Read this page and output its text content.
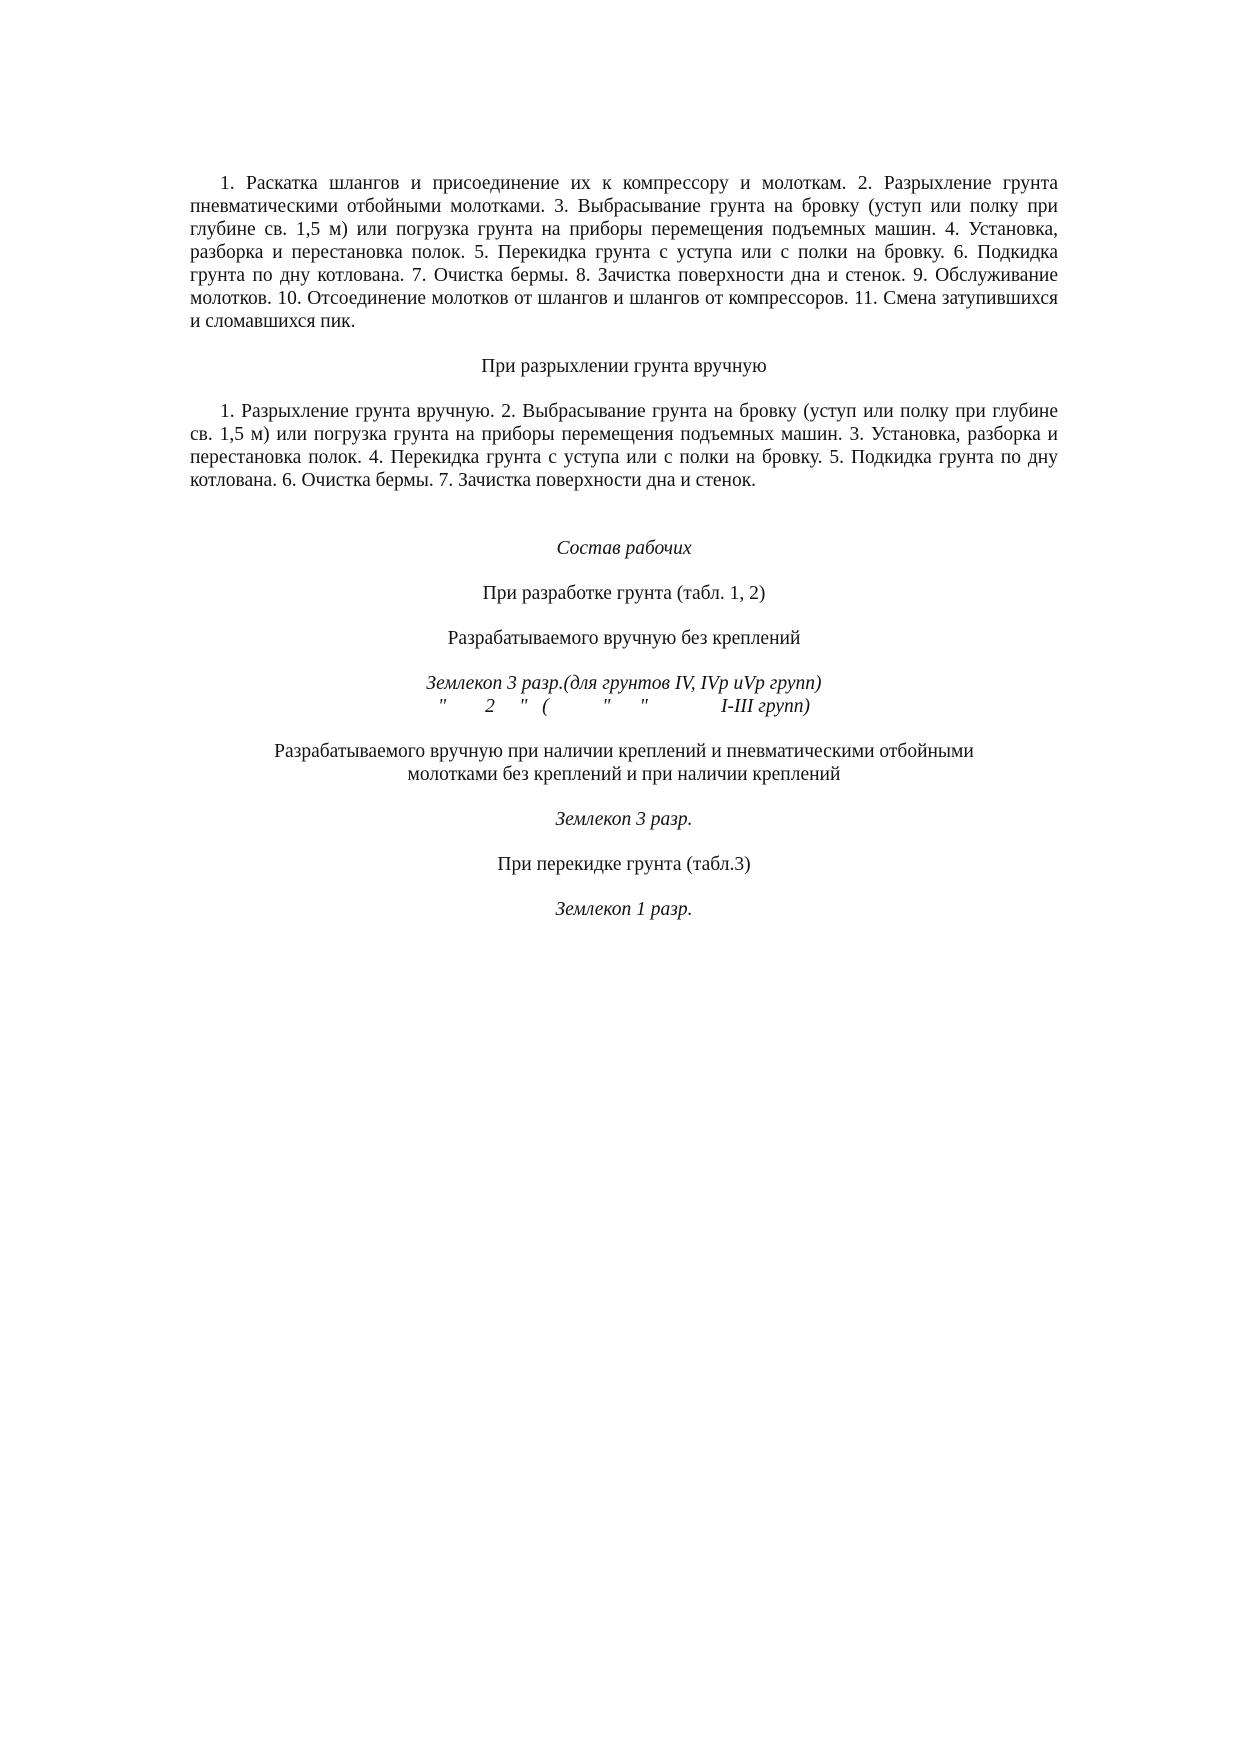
1. Раскатка шлангов и присоединение их к компрессору и молоткам. 2. Разрыхление грунта пневматическими отбойными молотками. 3. Выбрасывание грунта на бровку (уступ или полку при глубине св. 1,5 м) или погрузка грунта на приборы перемещения подъемных машин. 4. Установка, разборка и перестановка полок. 5. Перекидка грунта с уступа или с полки на бровку. 6. Подкидка грунта по дну котлована. 7. Очистка бермы. 8. Зачистка поверхности дна и стенок. 9. Обслуживание молотков. 10. Отсоединение молотков от шлангов и шлангов от компрессоров. 11. Смена затупившихся и сломавшихся пик.

При разрыхлении грунта вручную

1. Разрыхление грунта вручную. 2. Выбрасывание грунта на бровку (уступ или полку при глубине св. 1,5 м) или погрузка грунта на приборы перемещения подъемных машин. 3. Установка, разборка и перестановка полок. 4. Перекидка грунта с уступа или с полки на бровку. 5. Подкидка грунта по дну котлована. 6. Очистка бермы. 7. Зачистка поверхности дна и стенок.

Состав рабочих

При разработке грунта (табл. 1, 2)

Разрабатываемого вручную без креплений

Землекоп 3 разр.(для грунтов IV, IVр иVр групп)

"        2     "   (           "      "               I-III групп)

Разрабатываемого вручную при наличии креплений и пневматическими отбойными

молотками без креплений и при наличии креплений

Землекоп 3 разр.

При перекидке грунта (табл.3)

Землекоп 1 разр.
